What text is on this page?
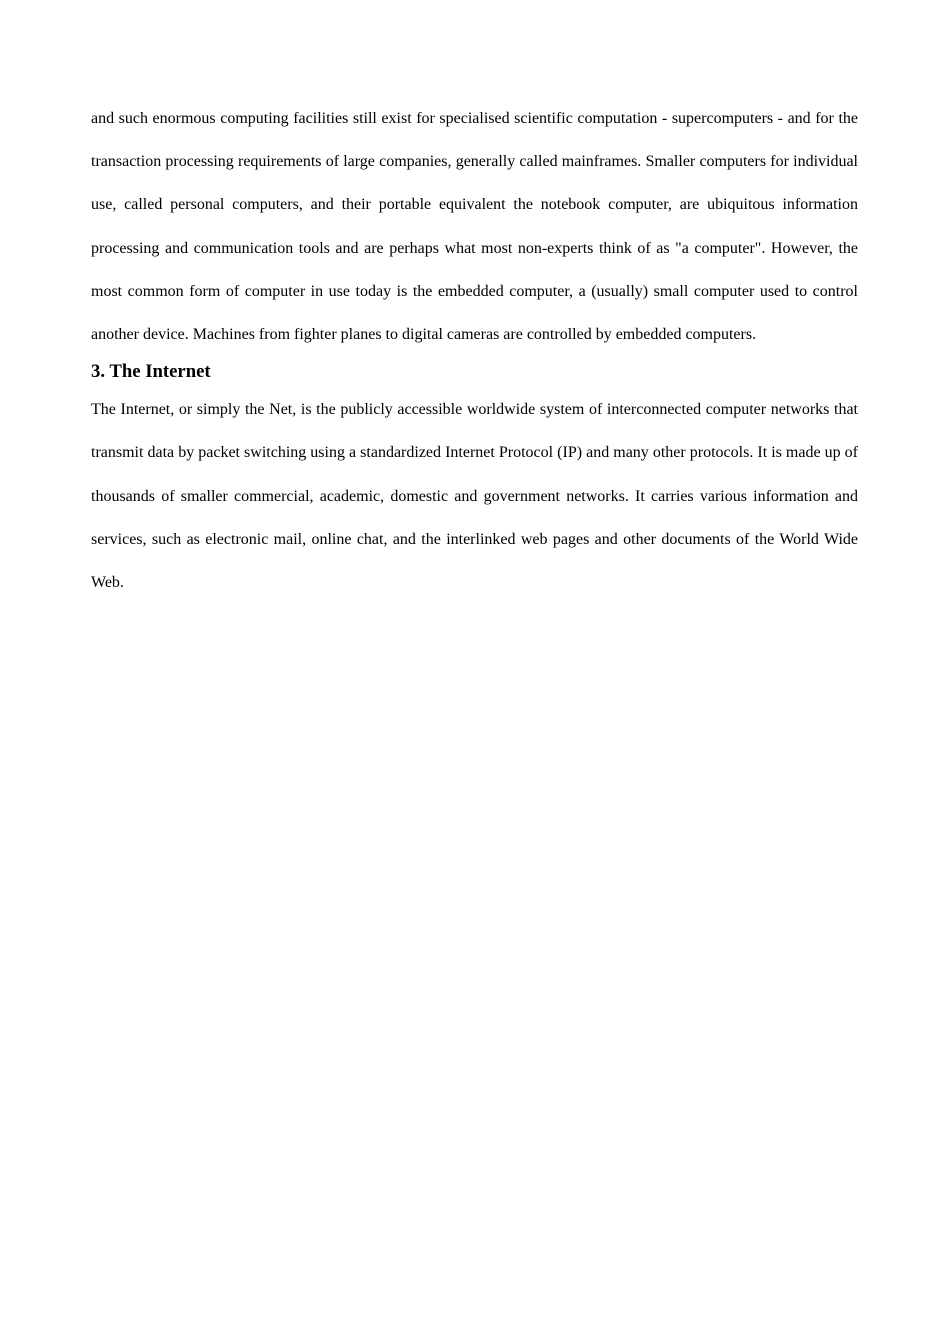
and such enormous computing facilities still exist for specialised scientific computation - supercomputers - and for the transaction processing requirements of large companies, generally called mainframes. Smaller computers for individual use, called personal computers, and their portable equivalent the notebook computer, are ubiquitous information processing and communication tools and are perhaps what most non-experts think of as "a computer". However, the most common form of computer in use today is the embedded computer, a (usually) small computer used to control another device. Machines from fighter planes to digital cameras are controlled by embedded computers.

3. The Internet

The Internet, or simply the Net, is the publicly accessible worldwide system of interconnected computer networks that transmit data by packet switching using a standardized Internet Protocol (IP) and many other protocols. It is made up of thousands of smaller commercial, academic, domestic and government networks. It carries various information and services, such as electronic mail, online chat, and the interlinked web pages and other documents of the World Wide Web.
